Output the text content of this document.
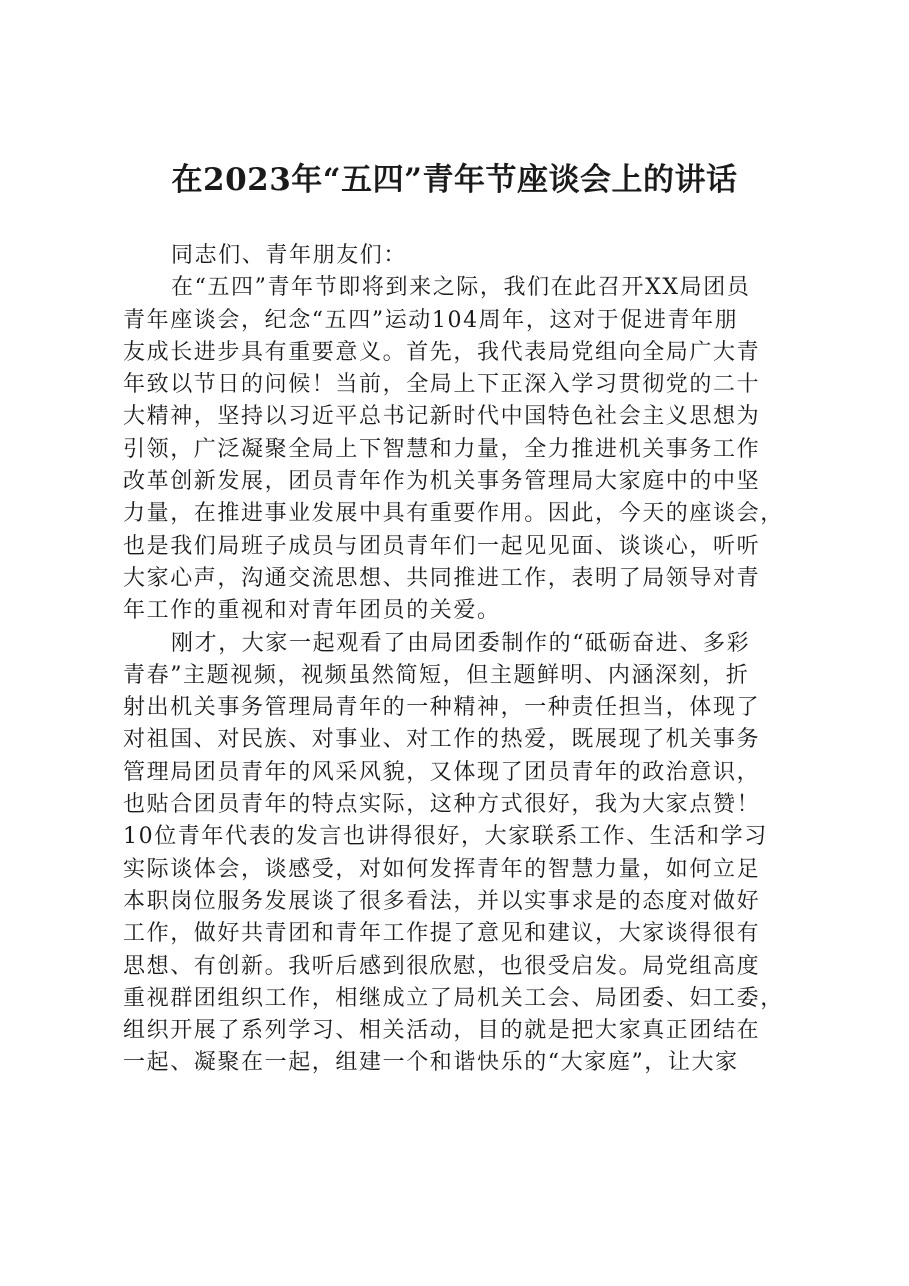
在2023年“五四”青年节座谈会上的讲话
同志们、青年朋友们：
在“五四”青年节即将到来之际，我们在此召开XX局团员
青年座谈会，纪念“五四”运动104周年，这对于促进青年朋
友成长进步具有重要意义。首先，我代表局党组向全局广大青
年致以节日的问候！当前，全局上下正深入学习贯彻党的二十
大精神，坚持以习近平总书记新时代中国特色社会主义思想为
引领，广泛凝聚全局上下智慧和力量，全力推进机关事务工作
改革创新发展，团员青年作为机关事务管理局大家庭中的中坚
力量，在推进事业发展中具有重要作用。因此，今天的座谈会，
也是我们局班子成员与团员青年们一起见见面、谈谈心，听听
大家心声，沟通交流思想、共同推进工作，表明了局领导对青
年工作的重视和对青年团员的关爱。
刚才，大家一起观看了由局团委制作的“砥砺奋进、多彩
青春”主题视频，视频虽然简短，但主题鲜明、内涵深刻，折
射出机关事务管理局青年的一种精神，一种责任担当，体现了
对祖国、对民族、对事业、对工作的热爱，既展现了机关事务
管理局团员青年的风采风貌，又体现了团员青年的政治意识，
也贴合团员青年的特点实际，这种方式很好，我为大家点赞！
10位青年代表的发言也讲得很好，大家联系工作、生活和学习
实际谈体会，谈感受，对如何发挥青年的智慧力量，如何立足
本职岗位服务发展谈了很多看法，并以实事求是的态度对做好
工作，做好共青团和青年工作提了意见和建议，大家谈得很有
思想、有创新。我听后感到很欣慰，也很受启发。局党组高度
重视群团组织工作，相继成立了局机关工会、局团委、妇工委，
组织开展了系列学习、相关活动，目的就是把大家真正团结在
一起、凝聚在一起，组建一个和谐快乐的“大家庭”，让大家
